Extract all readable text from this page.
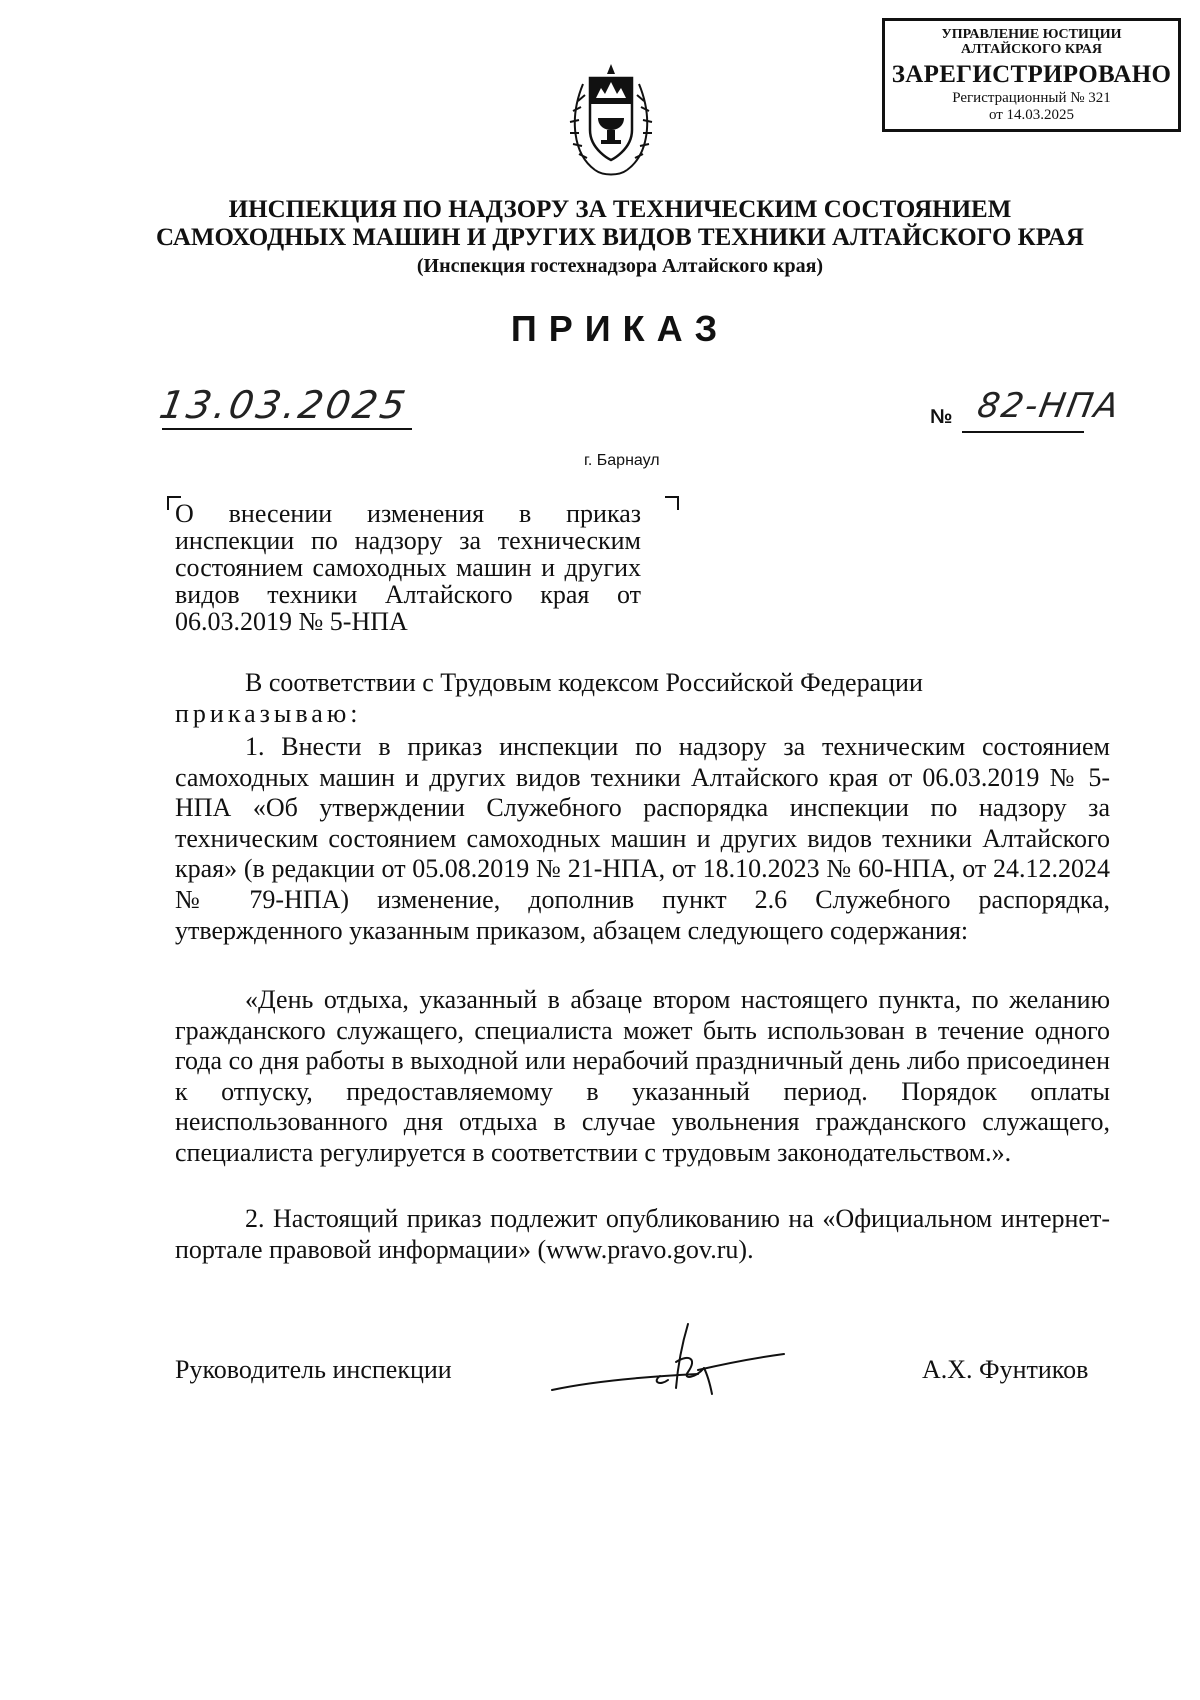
УПРАВЛЕНИЕ ЮСТИЦИИ
АЛТАЙСКОГО КРАЯ
ЗАРЕГИСТРИРОВАНО
Регистрационный № 321
от 14.03.2025
ИНСПЕКЦИЯ ПО НАДЗОРУ ЗА ТЕХНИЧЕСКИМ СОСТОЯНИЕМ
САМОХОДНЫХ МАШИН И ДРУГИХ ВИДОВ ТЕХНИКИ АЛТАЙСКОГО КРАЯ
(Инспекция гостехнадзора Алтайского края)
ПРИКАЗ
13.03.2025	№ 82-НПА
г. Барнаул
О внесении изменения в приказ инспекции по надзору за техническим состоянием самоходных машин и других видов техники Алтайского края от 06.03.2019 № 5-НПА
В соответствии с Трудовым кодексом Российской Федерации
приказываю:
1. Внести в приказ инспекции по надзору за техническим состоянием самоходных машин и других видов техники Алтайского края от 06.03.2019 № 5-НПА «Об утверждении Служебного распорядка инспекции по надзору за техническим состоянием самоходных машин и других видов техники Алтайского края» (в редакции от 05.08.2019 № 21-НПА, от 18.10.2023 № 60-НПА, от 24.12.2024 № 79-НПА) изменение, дополнив пункт 2.6 Служебного распорядка, утвержденного указанным приказом, абзацем следующего содержания:
«День отдыха, указанный в абзаце втором настоящего пункта, по желанию гражданского служащего, специалиста может быть использован в течение одного года со дня работы в выходной или нерабочий праздничный день либо присоединен к отпуску, предоставляемому в указанный период. Порядок оплаты неиспользованного дня отдыха в случае увольнения гражданского служащего, специалиста регулируется в соответствии с трудовым законодательством.».
2. Настоящий приказ подлежит опубликованию на «Официальном интернет-портале правовой информации» (www.pravo.gov.ru).
Руководитель инспекции	А.Х. Фунтиков
